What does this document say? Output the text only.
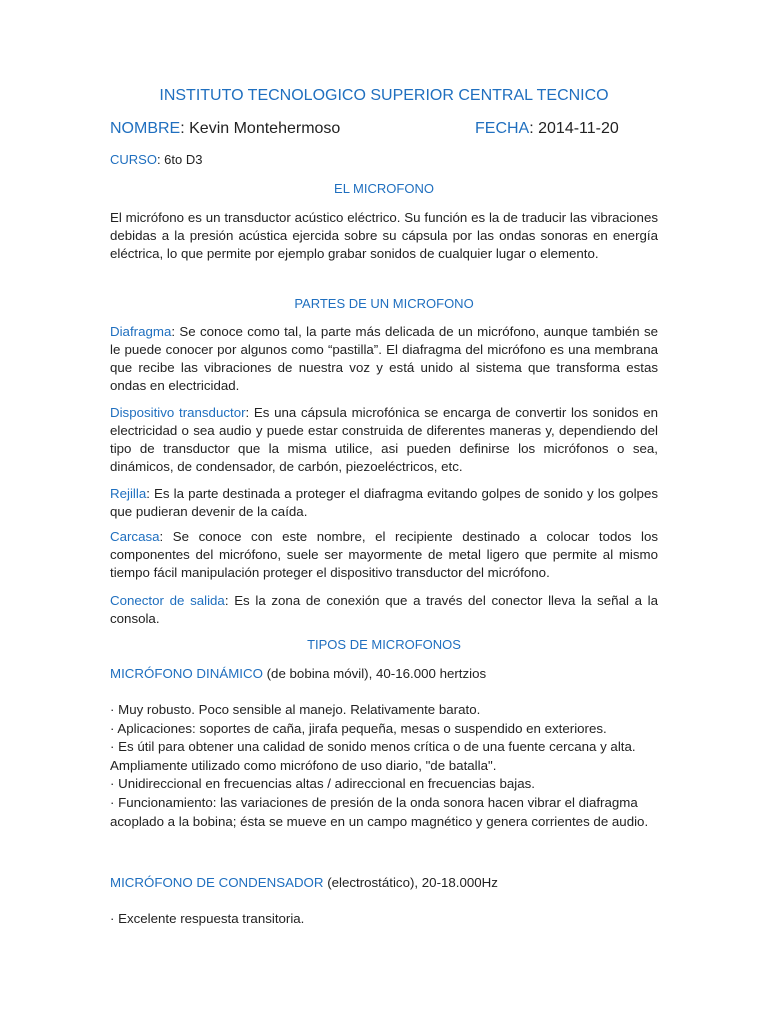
INSTITUTO TECNOLOGICO SUPERIOR CENTRAL TECNICO
NOMBRE: Kevin Montehermoso	FECHA: 2014-11-20
CURSO: 6to D3
EL MICROFONO
El micrófono es un transductor acústico eléctrico. Su función es la de traducir las vibraciones debidas a la presión acústica ejercida sobre su cápsula por las ondas sonoras en energía eléctrica, lo que permite por ejemplo grabar sonidos de cualquier lugar o elemento.
PARTES DE UN MICROFONO
Diafragma: Se conoce como tal, la parte más delicada de un micrófono, aunque también se le puede conocer por algunos como “pastilla”. El diafragma del micrófono es una membrana que recibe las vibraciones de nuestra voz y está unido al sistema que transforma estas ondas en electricidad.
Dispositivo transductor: Es una cápsula microfónica se encarga de convertir los sonidos en electricidad o sea audio y puede estar construida de diferentes maneras y, dependiendo del tipo de transductor que la misma utilice, asi pueden definirse los micrófonos o sea, dinámicos, de condensador, de carbón, piezoeléctricos, etc.
Rejilla: Es la parte destinada a proteger el diafragma evitando golpes de sonido y los golpes que pudieran devenir de la caída.
Carcasa: Se conoce con este nombre, el recipiente destinado a colocar todos los componentes del micrófono, suele ser mayormente de metal ligero que permite al mismo tiempo fácil manipulación proteger el dispositivo transductor del micrófono.
Conector de salida: Es la zona de conexión que a través del conector lleva la señal a la consola.
TIPOS DE MICROFONOS
MICRÓFONO DINÁMICO (de bobina móvil), 40-16.000 hertzios
· Muy robusto. Poco sensible al manejo. Relativamente barato.
· Aplicaciones: soportes de caña, jirafa pequeña, mesas o suspendido en exteriores.
· Es útil para obtener una calidad de sonido menos crítica o de una fuente cercana y alta. Ampliamente utilizado como micrófono de uso diario, "de batalla".
· Unidireccional en frecuencias altas / adireccional en frecuencias bajas.
· Funcionamiento: las variaciones de presión de la onda sonora hacen vibrar el diafragma acoplado a la bobina; ésta se mueve en un campo magnético y genera corrientes de audio.
MICRÓFONO DE CONDENSADOR (electrostático), 20-18.000Hz
· Excelente respuesta transitoria.
